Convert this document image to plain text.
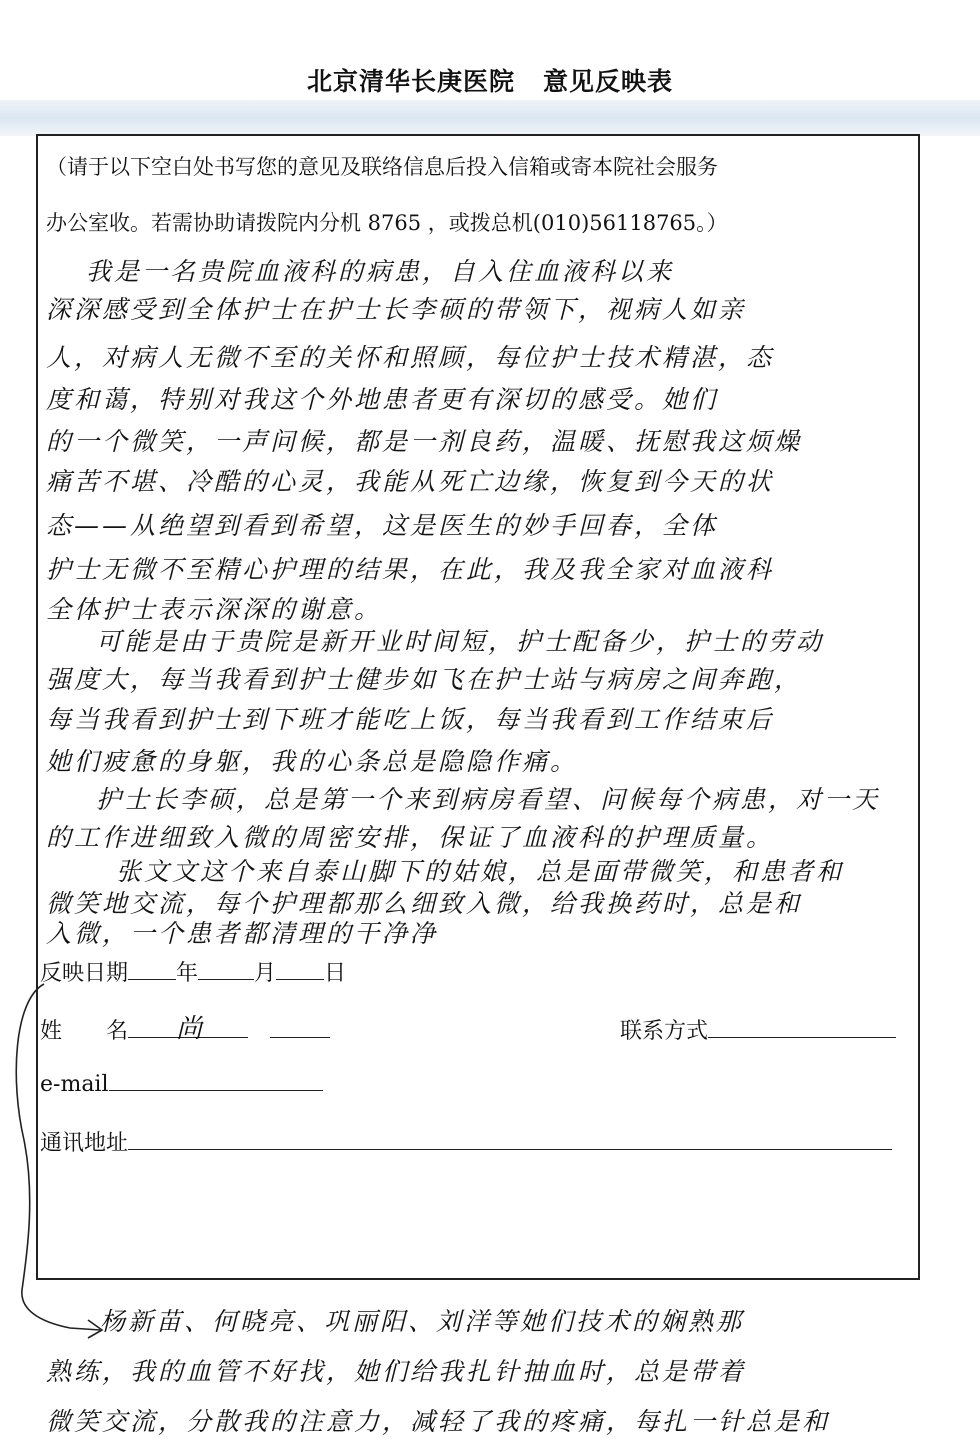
北京清华长庚医院 意见反映表
（请于以下空白处书写您的意见及联络信息后投入信箱或寄本院社会服务
办公室收。若需协助请拨院内分机 8765 ，或拨总机(010)56118765。）
我是一名贵院血液科的病患，自入住血液科以来
深深感受到全体护士在护士长李硕的带领下，视病人如亲
人，对病人无微不至的关怀和照顾，每位护士技术精湛，态
度和蔼，特别对我这个外地患者更有深切的感受。她们
的一个微笑，一声问候，都是一剂良药，温暖、抚慰我这烦燥
痛苦不堪、冷酷的心灵，我能从死亡边缘，恢复到今天的状
态——从绝望到看到希望，这是医生的妙手回春，全体
护士无微不至精心护理的结果，在此，我及我全家对血液科
全体护士表示深深的谢意。
可能是由于贵院是新开业时间短，护士配备少，护士的劳动
强度大，每当我看到护士健步如飞在护士站与病房之间奔跑，
每当我看到护士到下班才能吃上饭，每当我看到工作结束后
她们疲惫的身躯，我的心条总是隐隐作痛。
护士长李硕，总是第一个来到病房看望、问候每个病患，对一天
的工作进细致入微的周密安排，保证了血液科的护理质量。
张文文这个来自泰山脚下的姑娘，总是面带微笑，和患者和
微笑地交流，每个护理都那么细致入微，给我换药时，总是和
入微，一个患者都清理的干净净
反映日期 年	月 日
姓　　名	尚	联系方式
e-mail
通讯地址
杨新苗、何晓亮、巩丽阳、刘洋等她们技术的娴熟那
熟练，我的血管不好找，她们给我扎针抽血时，总是带着
微笑交流，分散我的注意力，减轻了我的疼痛，每扎一针总是和
